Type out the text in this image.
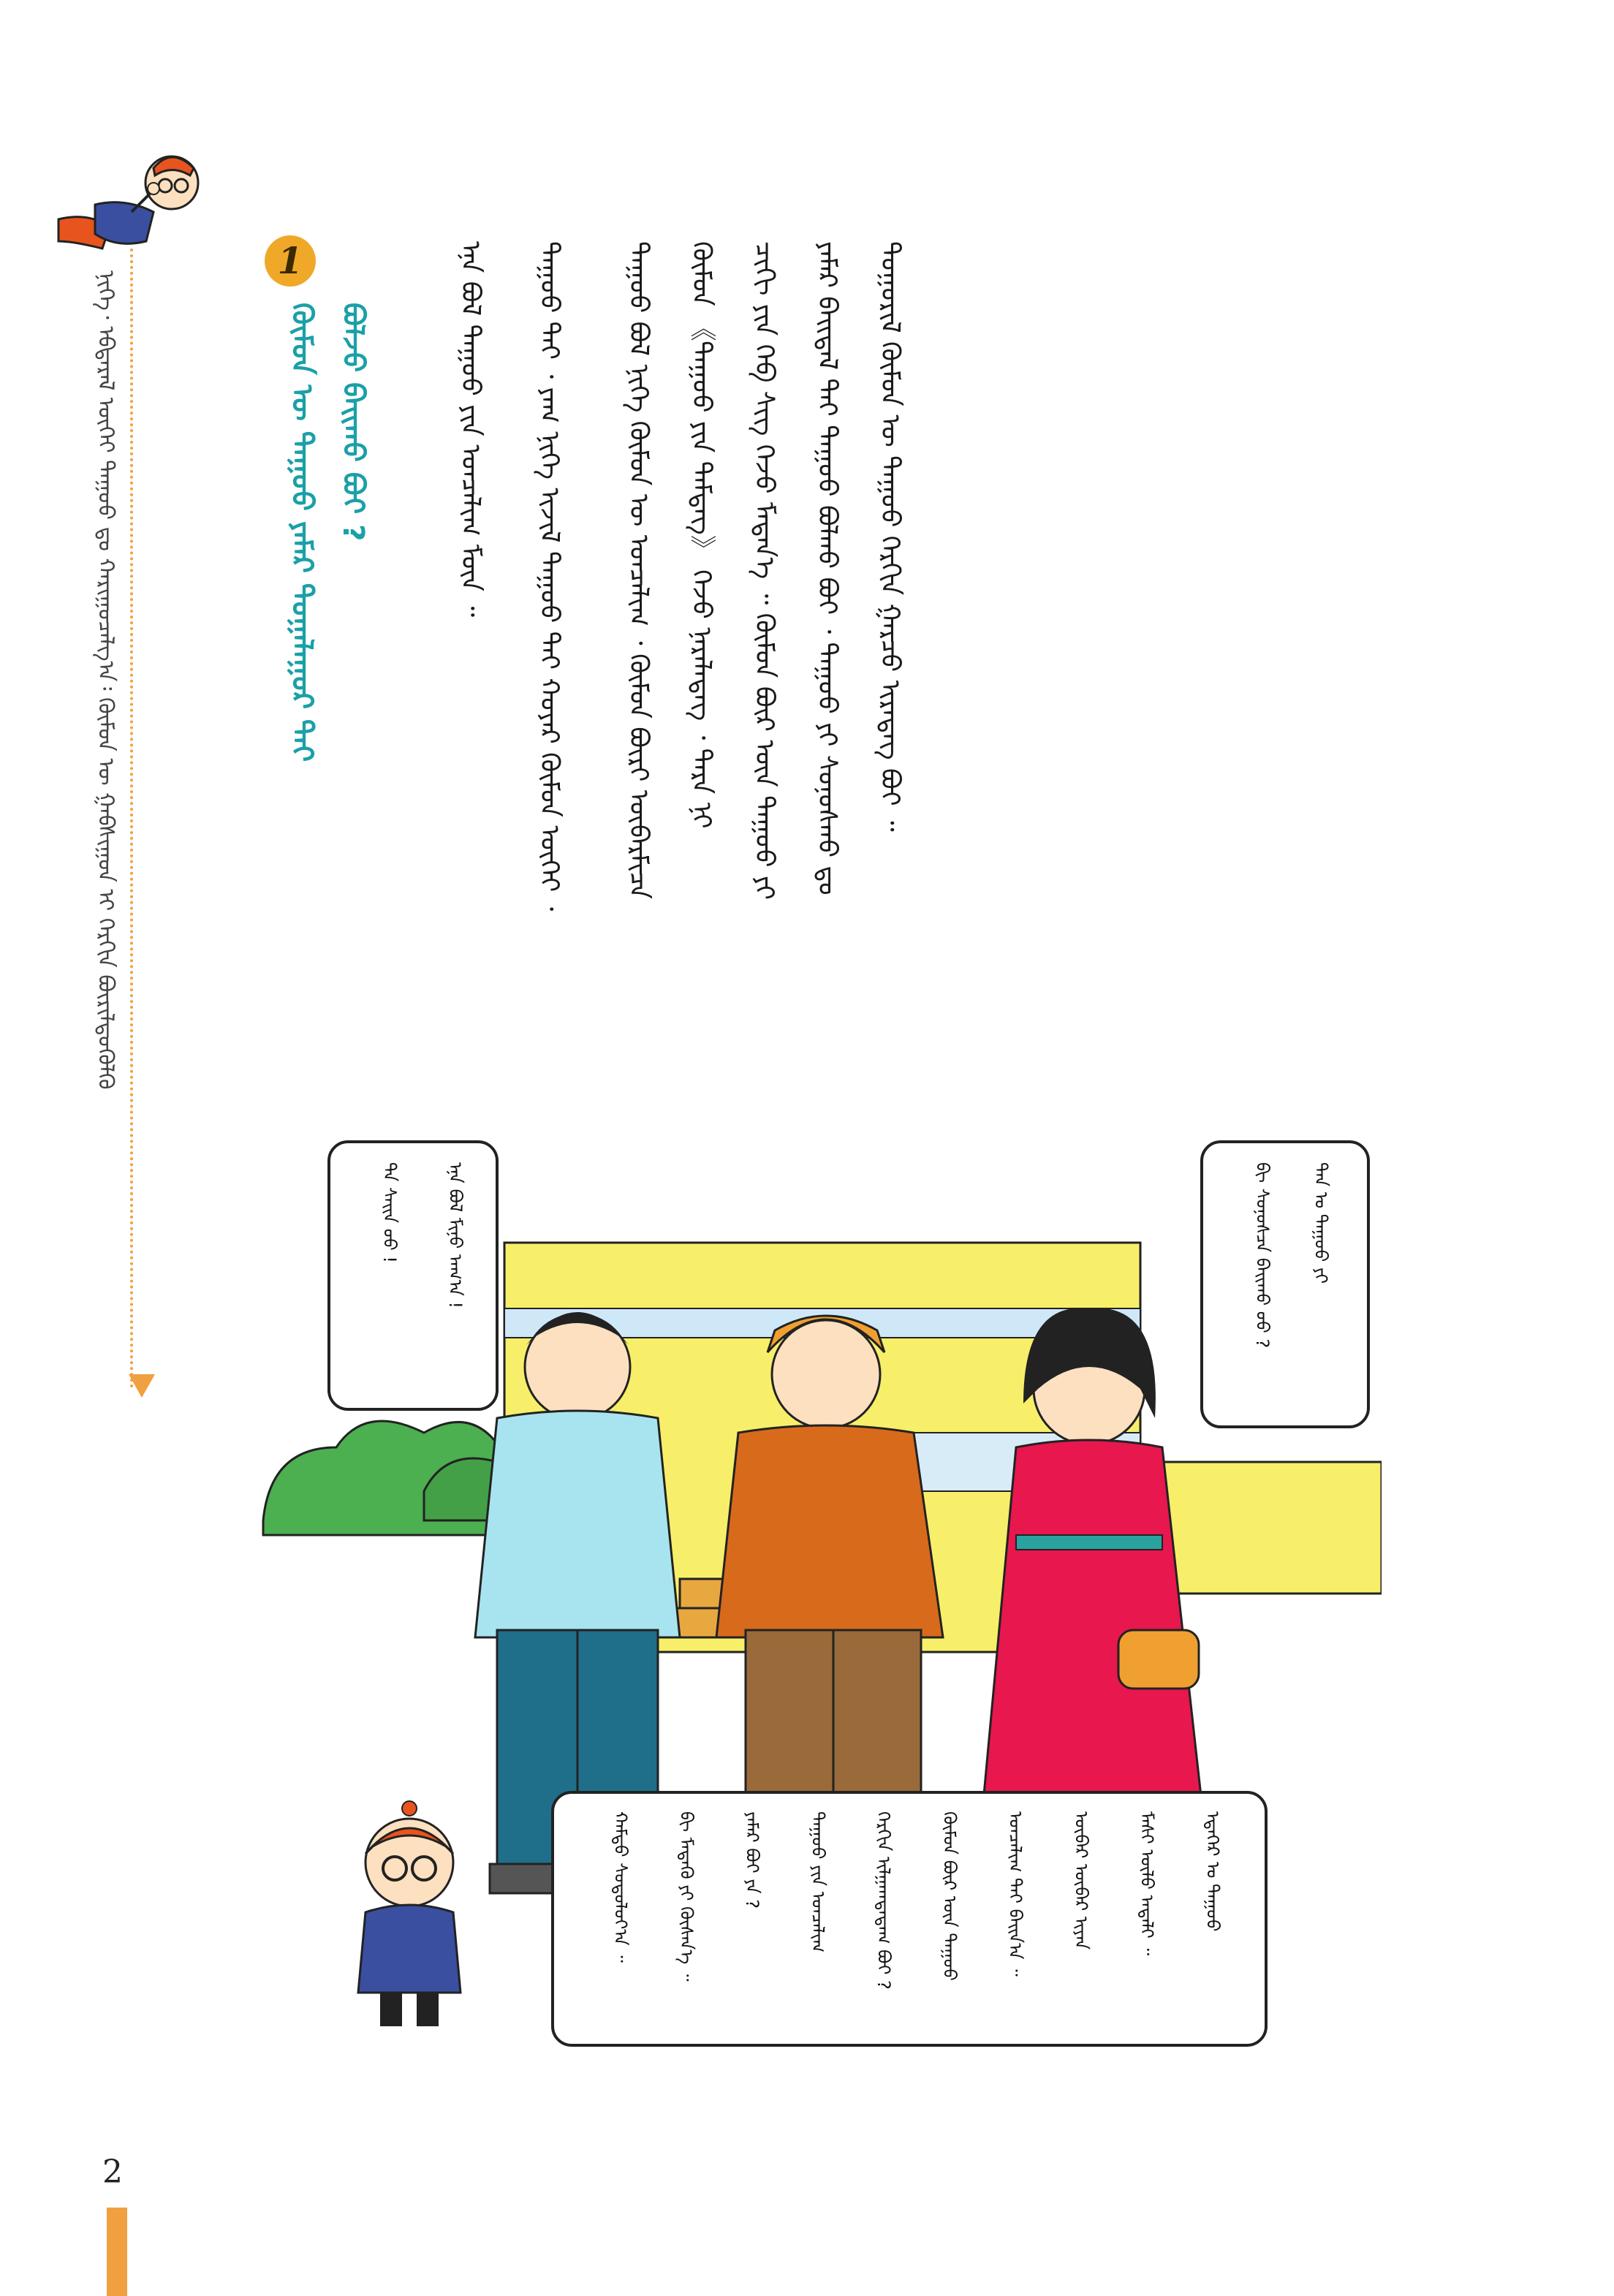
ᠨᠢᠭᠡ᠂ ᠡᠪᠳᠡᠷᠡᠯ ᠦᠭᠡᠢ ᠳᠠᠭᠤᠤ ᠳᠤ ᠬᠠᠷᠢᠭᠤᠴᠠᠯᠭ᠎ᠠ᠄ ᠬᠦᠮᠦᠨ ᠦ ᠭᠠᠪᠰᠢᠭᠤᠨ ᠢ ᠬᠡᠷᠬᠢᠨ ᠪᠦᠷᠢᠯᠳᠦᠭᠦᠯᠬᠦ
1
ᠬᠦᠮᠦᠨ ᠦ ᠳᠠᠭᠤᠤ ᠶᠠᠮᠠᠷ ᠲᠣᠭᠠᠯᠠᠭᠤᠷ ᠲᠠᠢ ᠪᠣᠯᠵᠣ ᠪᠠᠢᠬᠤ ᠪᠤᠢ ?	ᠲᠣᠭᠤᠷᠢᠯ ᠬᠦᠮᠦᠨ ᠦ ᠳᠠᠭᠤᠤ ᠬᠡᠷᠬᠢᠨ ᠭᠠᠷᠴᠤ ᠢᠷᠡᠳᠡᠭ ᠪᠤᠢ ᠃
ᠶᠠᠮᠠᠷ ᠪᠠᠢᠳᠠᠯ ᠲᠠᠢ ᠳᠠᠭᠤᠤ ᠪᠣᠯᠬᠤ ᠪᠤᠢ ᠂ ᠳᠠᠭᠤᠤ ᠶᠢ ᠰᠣᠨᠣᠰᠬᠤ ᠳᠤ
ᠴᠢᠬᠢ ᠶᠢᠨ ᠬᠡᠪ ᠰᠢᠭ ᠭᠡᠵᠦ ᠮᠡᠳᠡᠨ᠎ᠡ ᠃ ᠬᠦᠮᠦᠨ ᠪᠦᠷ ᠦᠨ ᠳᠠᠭᠤᠤ ᠶᠢ
ᠬᠦᠮᠦᠨ 《ᠳᠠᠭᠤᠤ ᠶᠢᠨ ᠲᠡᠮᠳᠡᠭ》 ᠭᠡᠵᠦ ᠨᠡᠷᠡᠯᠡᠳᠡᠭ ᠂ ᠲᠡᠷᠡ ᠨᠢ
ᠳᠠᠭᠤᠤ ᠪᠣᠯ ᠨᠢᠭᠡ ᠬᠦᠮᠦᠨ ᠦ ᠣᠨᠴᠠᠯᠢᠭ ᠂ ᠬᠦᠮᠦᠨ ᠪᠦᠷᠢ ᠦᠪᠡᠷᠮᠢᠴᠡ
ᠳᠠᠭᠤᠤ ᠲᠠᠢ ᠂ ᠶᠠᠭ ᠨᠢᠭᠡ ᠢᠵᠢᠯ ᠳᠠᠭᠤᠤ ᠲᠠᠢ ᠬᠣᠶᠠᠷ ᠬᠦᠮᠦᠨ ᠦᠭᠡᠢ ᠂
ᠡᠨᠡ ᠪᠣᠯ ᠳᠠᠭᠤᠤ ᠶᠢᠨ ᠣᠨᠴᠠᠯᠢᠭ ᠮᠥᠨ ᠃
ᠡᠨᠡ ᠪᠣᠯ ᠮᠢᠨᠤ ᠠᠬ᠎ᠠ !
ᠲᠠ ᠰᠠᠢᠨ ᠤᠤ !	ᠲᠠᠨ ᠤ ᠳᠠᠭᠤᠤ ᠶᠢ
ᠪᠢ ᠰᠣᠨᠣᠰᠴᠠ ᠪᠠᠢᠬᠤ ᠤᠤ ?
ᠡᠳᠡᠭᠡᠷ ᠤ ᠳᠠᠭᠤᠤ
ᠮᠠᠰᠢ ᠦᠯᠦ ᠠᠳᠠᠯᠢ ᠃
ᠦᠪᠡᠷ ᠦᠪᠡᠷ ᠢᠶᠡᠨ
ᠣᠨᠴᠠᠯᠢᠭ ᠲᠠᠢ ᠪᠠᠢᠨ᠎ᠠ ᠃
ᠬᠦᠮᠦᠨ ᠪᠦᠷ ᠦᠨ ᠳᠠᠭᠤᠤ
ᠬᠡᠷᠬᠢᠨ ᠢᠯᠭᠠᠭᠳᠠᠳᠠᠭ ᠪᠤᠢ ?
ᠳᠠᠭᠤᠤ ᠶᠢᠨ ᠣᠨᠴᠠᠯᠢᠭ
ᠶᠠᠮᠠᠷ ᠪᠤᠢ ᠶᠠ ?
ᠪᠢ ᠮᠡᠳᠡᠬᠦ ᠶᠢ ᠬᠦᠰᠡᠨ᠎ᠡ ᠃
ᠬᠠᠮᠲᠤ ᠰᠤᠳᠤᠯᠤᠶ᠎ᠠ ᠃
2
